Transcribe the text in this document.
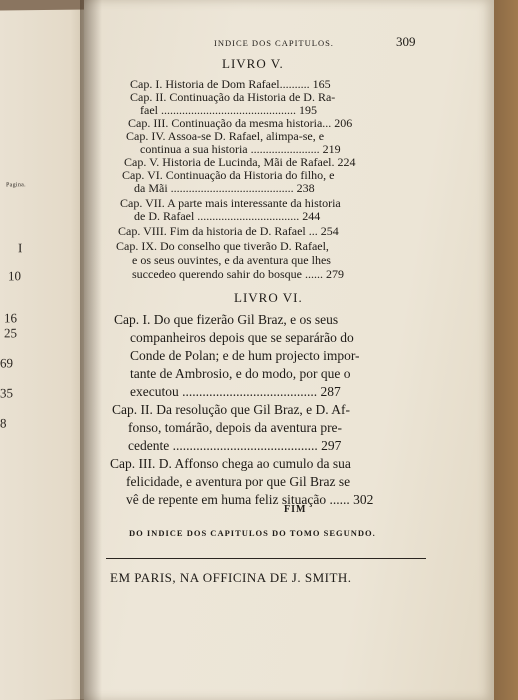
Pagina.
I
10
16
25
69
35
8
INDICE DOS CAPITULOS.	309
LIVRO V.
Cap. I. Historia de Dom Rafael.......... 165
Cap. II. Continuação da Historia de D. Ra-
fael ............................................. 195
Cap. III. Continuação da mesma historia... 206
Cap. IV. Assoa-se D. Rafael, alimpa-se, e
continua a sua historia ....................... 219
Cap. V. Historia de Lucinda, Mãi de Rafael. 224
Cap. VI. Continuação da Historia do filho, e
da Mãi ......................................... 238
Cap. VII. A parte mais interessante da historia
de D. Rafael .................................. 244
Cap. VIII. Fim da historia de D. Rafael ... 254
Cap. IX. Do conselho que tiverão D. Rafael,
e os seus ouvintes, e da aventura que lhes
succedeo querendo sahir do bosque ...... 279
LIVRO VI.
Cap. I. Do que fizerão Gil Braz, e os seus
companheiros depois que se separárão do
Conde de Polan; e de hum projecto impor-
tante de Ambrosio, e do modo, por que o
executou ........................................ 287
Cap. II. Da resolução que Gil Braz, e D. Af-
fonso, tomárão, depois da aventura pre-
cedente ........................................... 297
Cap. III. D. Affonso chega ao cumulo da sua
felicidade, e aventura por que Gil Braz se
vê de repente em huma feliz situação ...... 302
FIM
DO INDICE DOS CAPITULOS DO TOMO SEGUNDO.
EM PARIS, NA OFFICINA DE J. SMITH.
